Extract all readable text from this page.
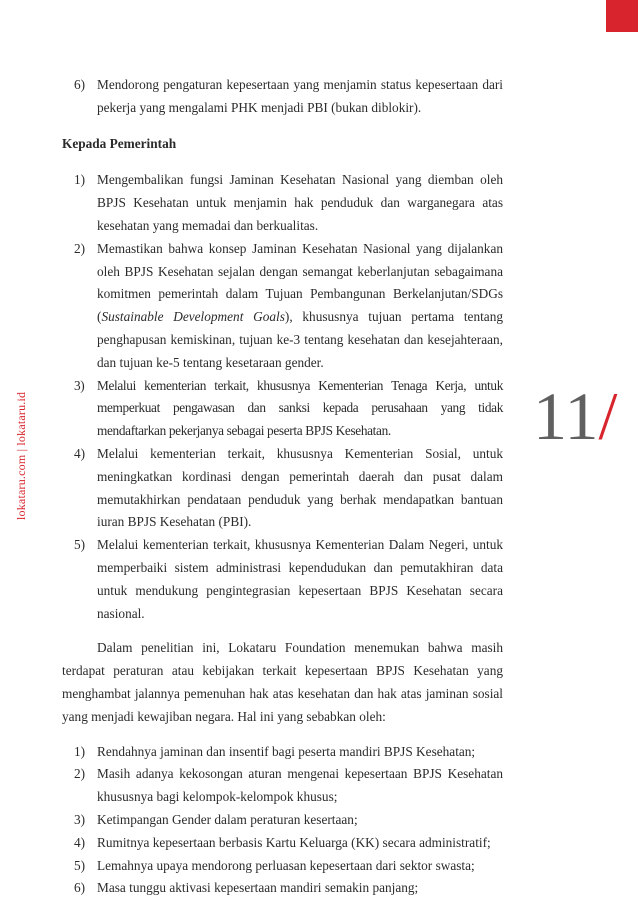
lokataru.com | lokataru.id	11/

6) Mendorong pengaturan kepesertaan yang menjamin status kepesertaan dari pekerja yang mengalami PHK menjadi PBI (bukan diblokir).

Kepada Pemerintah

1) Mengembalikan fungsi Jaminan Kesehatan Nasional yang diemban oleh BPJS Kesehatan untuk menjamin hak penduduk dan warganegara atas kesehatan yang memadai dan berkualitas.

2) Memastikan bahwa konsep Jaminan Kesehatan Nasional yang dijalankan oleh BPJS Kesehatan sejalan dengan semangat keberlanjutan sebagaimana komitmen pemerintah dalam Tujuan Pembangunan Berkelanjutan/SDGs (Sustainable Development Goals), khususnya tujuan pertama tentang penghapusan kemiskinan, tujuan ke-3 tentang kesehatan dan kesejahteraan, dan tujuan ke-5 tentang kesetaraan gender.

3) Melalui kementerian terkait, khususnya Kementerian Tenaga Kerja, untuk memperkuat pengawasan dan sanksi kepada perusahaan yang tidak mendaftarkan pekerjanya sebagai peserta BPJS Kesehatan.

4) Melalui kementerian terkait, khususnya Kementerian Sosial, untuk meningkatkan kordinasi dengan pemerintah daerah dan pusat dalam memutakhirkan pendataan penduduk yang berhak mendapatkan bantuan iuran BPJS Kesehatan (PBI).

5) Melalui kementerian terkait, khususnya Kementerian Dalam Negeri, untuk memperbaiki sistem administrasi kependudukan dan pemutakhiran data untuk mendukung pengintegrasian kepesertaan BPJS Kesehatan secara nasional.

Dalam penelitian ini, Lokataru Foundation menemukan bahwa masih terdapat peraturan atau kebijakan terkait kepesertaan BPJS Kesehatan yang menghambat jalannya pemenuhan hak atas kesehatan dan hak atas jaminan sosial yang menjadi kewajiban negara. Hal ini yang sebabkan oleh:

1) Rendahnya jaminan dan insentif bagi peserta mandiri BPJS Kesehatan;

2) Masih adanya kekosongan aturan mengenai kepesertaan BPJS Kesehatan khususnya bagi kelompok-kelompok khusus;

3) Ketimpangan Gender dalam peraturan kesertaan;

4) Rumitnya kepesertaan berbasis Kartu Keluarga (KK) secara administratif;

5) Lemahnya upaya mendorong perluasan kepesertaan dari sektor swasta;

6) Masa tunggu aktivasi kepesertaan mandiri semakin panjang;
